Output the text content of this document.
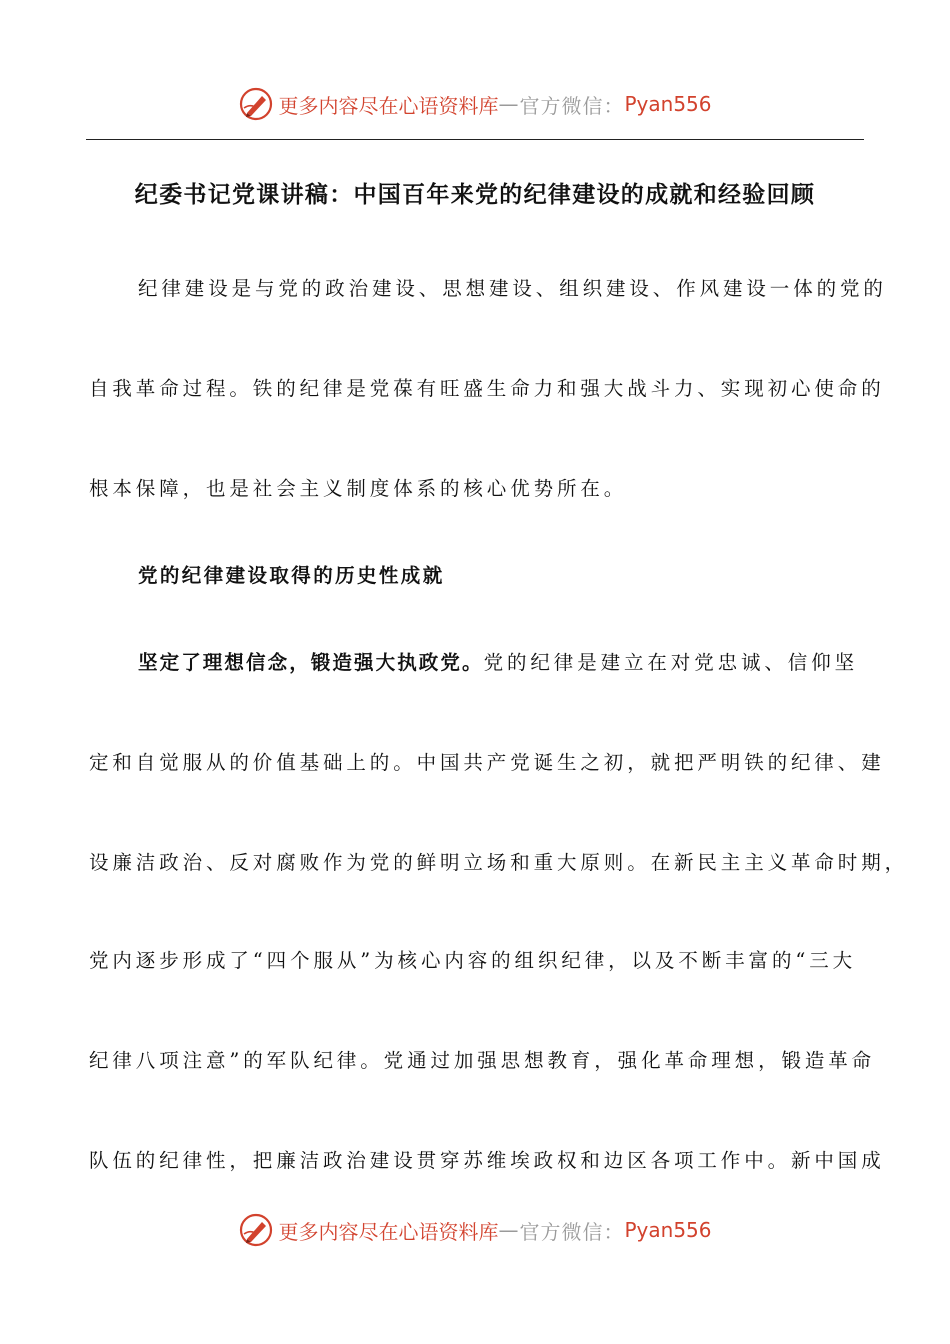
更多内容尽在心语资料库 — 官方微信： Pyan556
纪委书记党课讲稿：中国百年来党的纪律建设的成就和经验回顾
纪律建设是与党的政治建设、思想建设、组织建设、作风建设一体的党的
自我革命过程。铁的纪律是党葆有旺盛生命力和强大战斗力、实现初心使命的
根本保障，也是社会主义制度体系的核心优势所在。
党的纪律建设取得的历史性成就
坚定了理想信念，锻造强大执政党。党的纪律是建立在对党忠诚、信仰坚
定和自觉服从的价值基础上的。中国共产党诞生之初，就把严明铁的纪律、建
设廉洁政治、反对腐败作为党的鲜明立场和重大原则。在新民主主义革命时期，
党内逐步形成了“四个服从”为核心内容的组织纪律，以及不断丰富的“三大
纪律八项注意”的军队纪律。党通过加强思想教育，强化革命理想，锻造革命
队伍的纪律性，把廉洁政治建设贯穿苏维埃政权和边区各项工作中。新中国成
更多内容尽在心语资料库 — 官方微信： Pyan556
